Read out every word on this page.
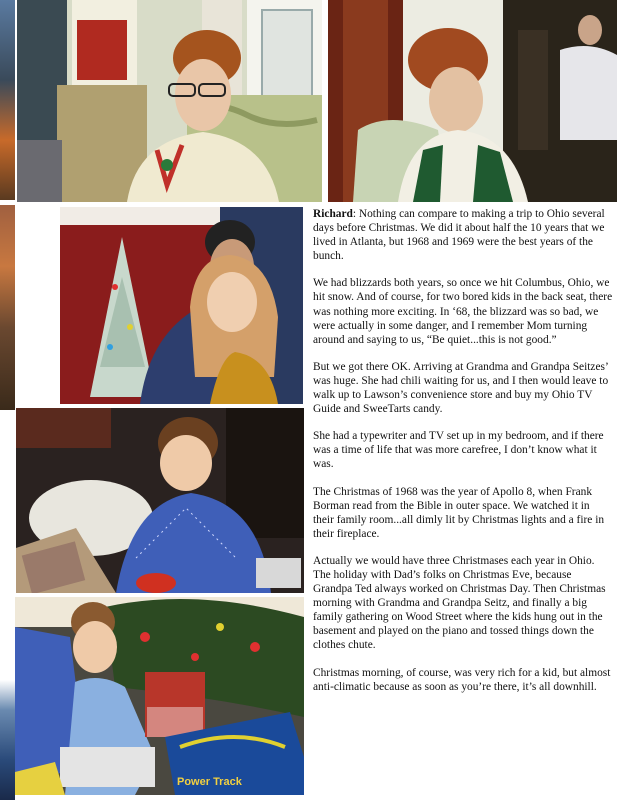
Power Track

Richard: Nothing can compare to making a trip to Ohio several days before Christmas. We did it about half the 10 years that we lived in Atlanta, but 1968 and 1969 were the best years of the bunch.

We had blizzards both years, so once we hit Columbus, Ohio, we hit snow. And of course, for two bored kids in the back seat, there was nothing more exciting. In ‘68, the blizzard was so bad, we were actually in some danger, and I remember Mom turning around and saying to us, “Be quiet...this is not good.”

But we got there OK. Arriving at Grandma and Grandpa Seitzes’ was huge. She had chili waiting for us, and I then would leave to walk up to Lawson’s convenience store and buy my Ohio TV Guide and SweeTarts candy.

She had a typewriter and TV set up in my bedroom, and if there was a time of life that was more carefree, I don’t know what it was.

The Christmas of 1968 was the year of Apollo 8, when Frank Borman read from the Bible in outer space. We watched it in their family room...all dimly lit by Christmas lights and a fire in their fireplace.

Actually we would have three Christmases each year in Ohio. The holiday with Dad’s folks on Christmas Eve, because Grandpa Ted always worked on Christmas Day. Then Christmas morning with Grandma and Grandpa Seitz, and finally a big family gathering on Wood Street where the kids hung out in the basement and played on the piano and tossed things down the clothes chute.

Christmas morning, of course, was very rich for a kid, but almost anti-climatic because as soon as you’re there, it’s all downhill.
